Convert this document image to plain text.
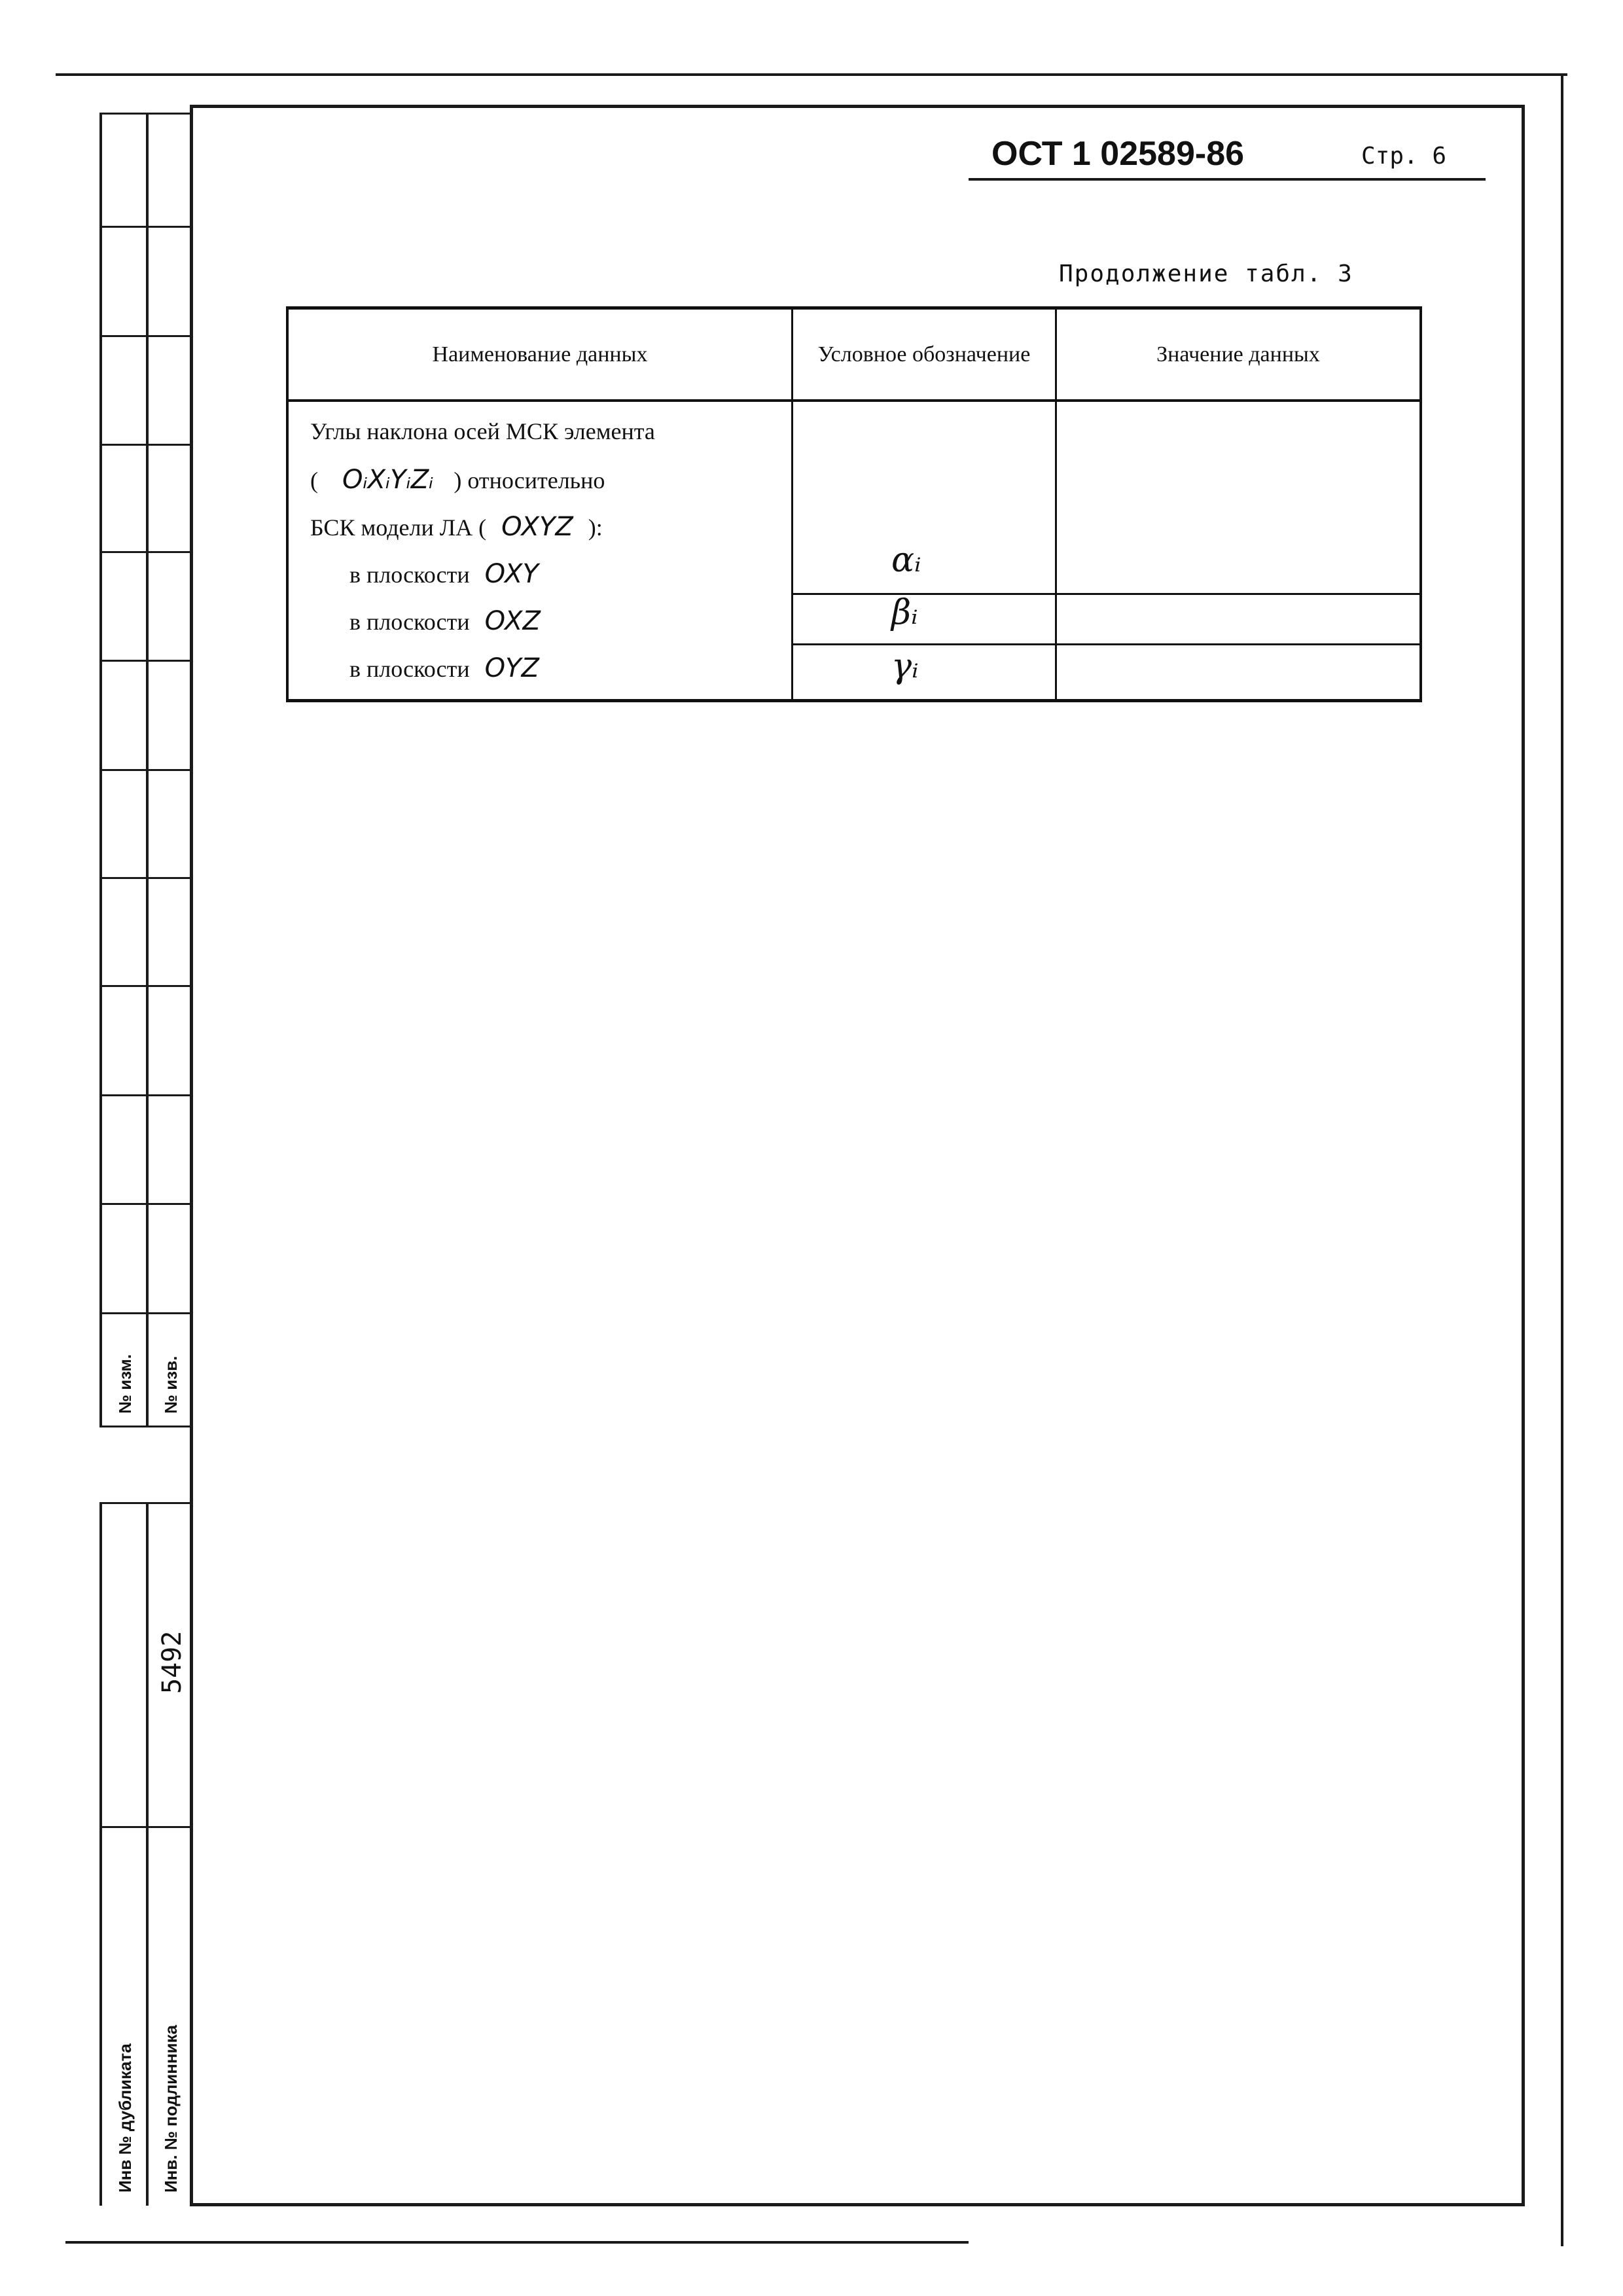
№ изм. № изв.
5492
Инв № дубликата Инв. № подлинника
ОСТ 1 02589-86	Стр. 6
Продолжение табл. 3
Наименование данных	Условное обозначение	Значение данных
Углы наклона осей МСК элемента
( OᵢXᵢYᵢZᵢ ) относительно
БСК модели ЛА ( OXYZ ):
в плоскости OXY	αᵢ
в плоскости OXZ	βᵢ
в плоскости OYZ	γᵢ
